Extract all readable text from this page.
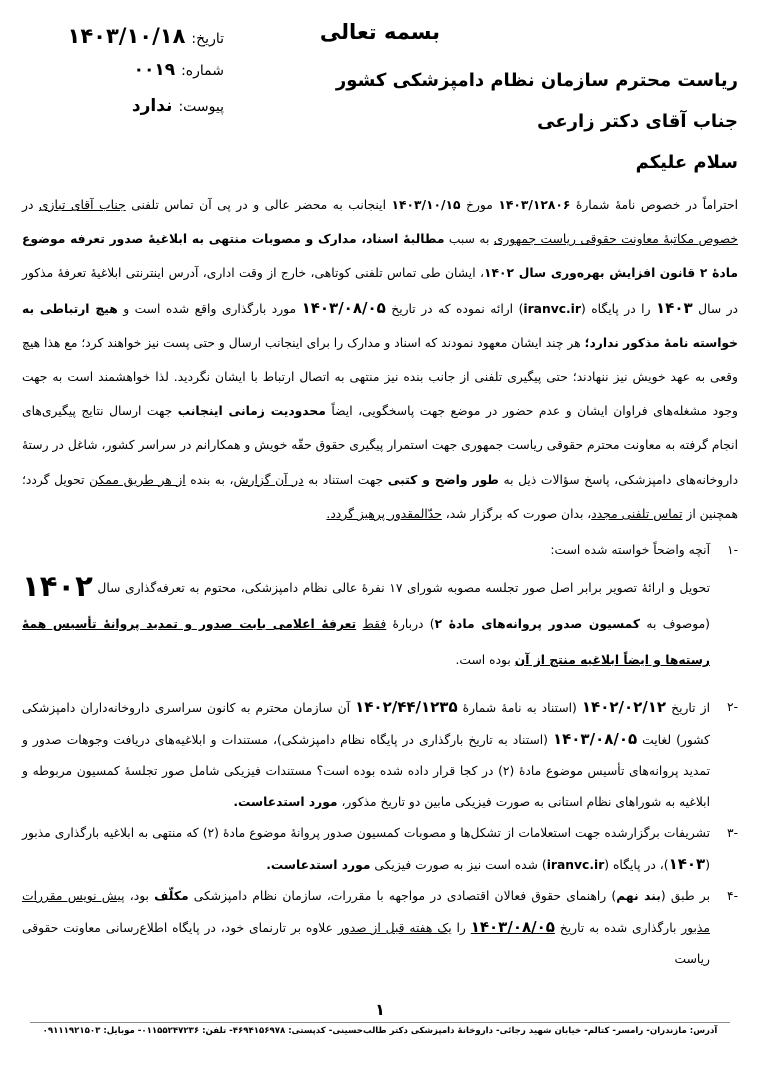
بسمه تعالی
تاریخ:
۱۴۰۳/۱۰/۱۸
شماره:
۰۰۱۹
پیوست:
ندارد
ریاست محترم سازمان نظام دامپزشکی کشور
جناب آقای دکتر زارعی
سلام علیکم

احتراماً در خصوص نامهٔ شمارهٔ ۱۴۰۳/۱۲۸۰۶ مورخ ۱۴۰۳/۱۰/۱۵ اینجانب به محضر عالی و در پی آن تماس تلفنی جناب آقای تبازی در خصوص مکاتبهٔ معاونت حقوقی ریاست جمهوری به سبب مطالبهٔ اسناد، مدارک و مصوبات منتهی به ابلاغیهٔ صدور تعرفه موضوع مادهٔ ۲ قانون افزایش بهره‌وری سال ۱۴۰۲، ایشان طی تماس تلفنی کوتاهی، خارج از وقت اداری، آدرس اینترنتی ابلاغیهٔ تعرفهٔ مذکور در سال ۱۴۰۳ را در پایگاه (iranvc.ir) ارائه نموده که در تاریخ ۱۴۰۳/۰۸/۰۵ مورد بارگذاری واقع شده است و هیچ ارتباطی به خواسته نامهٔ مذکور ندارد؛ هر چند ایشان معهود نمودند که اسناد و مدارک را برای اینجانب ارسال و حتی پست نیز خواهند کرد؛ مع هذا هیچ وقعی به عهد خویش نیز ننهادند؛ حتی پیگیری تلفنی از جانب بنده نیز منتهی به اتصال ارتباط با ایشان نگردید. لذا خواهشمند است به جهت وجود مشغله‌های فراوان ایشان و عدم حضور در موضع جهت پاسخگویی، ایضاً محدودیت زمانی اینجانب جهت ارسال نتایج پیگیری‌های انجام گرفته به معاونت محترم حقوقی ریاست جمهوری جهت استمرار پیگیری حقوق حقّه خویش و همکارانم در سراسر کشور، شاغل در رستهٔ داروخانه‌های دامپزشکی، پاسخ سؤالات ذیل به طور واضح و کتبی جهت استناد به در آن گزارش، به بنده از هر طریق ممکن تحویل گردد؛ همچنین از تماس تلفنی مجدد، بدان صورت که برگزار شد، حدّالمقدور پرهیز گردد.

-۱
آنچه واضحاً خواسته شده است:
تحویل و ارائهٔ تصویر برابر اصل صور تجلسه مصوبه شورای ۱۷ نفرهٔ عالی نظام دامپزشکی، محتوم به تعرفه‌گذاری سال ۱۴۰۲ (موصوف به کمسیون صدور پروانه‌های مادهٔ ۲) دربارهٔ فقط تعرفهٔ اعلامی بابت صدور و تمدید پروانهٔ تأسیس همهٔ رسته‌ها و ایضاً ابلاغیه منتج از آن بوده است.
-۲
از تاریخ ۱۴۰۲/۰۲/۱۲ (استناد به نامهٔ شمارهٔ ۱۴۰۲/۴۴/۱۲۳۵ آن سازمان محترم به کانون سراسری داروخانه‌داران دامپزشکی کشور) لغایت ۱۴۰۳/۰۸/۰۵ (استناد به تاریخ بارگذاری در پایگاه نظام دامپزشکی)، مستندات و ابلاغیه‌های دریافت وجوهات صدور و تمدید پروانه‌های تأسیس موضوع مادهٔ (۲) در کجا قرار داده شده بوده است؟ مستندات فیزیکی شامل صور تجلسهٔ کمسیون مربوطه و ابلاغیه به شوراهای نظام استانی به صورت فیزیکی مابین دو تاریخ مذکور، مورد استدعاست.
-۳
تشریفات برگزارشده جهت استعلامات از تشکل‌ها و مصوبات کمسیون صدور پروانهٔ موضوع مادهٔ (۲) که منتهی به ابلاغیه بارگذاری مذبور (۱۴۰۳)، در پایگاه (iranvc.ir) شده است نیز به صورت فیزیکی مورد استدعاست.
-۴
بر طبق (بند نهم) راهنمای حقوق فعالان اقتصادی در مواجهه با مقررات، سازمان نظام دامپزشکی مکلّف بود، پیش نویس مقررات مذبور بارگذاری شده به تاریخ ۱۴۰۳/۰۸/۰۵ را یک هفته قبل از صدور علاوه بر تارنمای خود، در پایگاه اطلاع‌رسانی معاونت حقوقی ریاست
۱
آدرس: مازندران- رامسر- کتالم- خیابان شهید رجائی- داروخانهٔ دامپزشکی دکتر طالب‌حسینی- کدپستی: ۴۶۹۴۱۵۶۹۷۸- تلفن: ۰۱۱۵۵۲۴۷۲۳۶- موبایل: ۰۹۱۱۱۹۲۱۵۰۳
